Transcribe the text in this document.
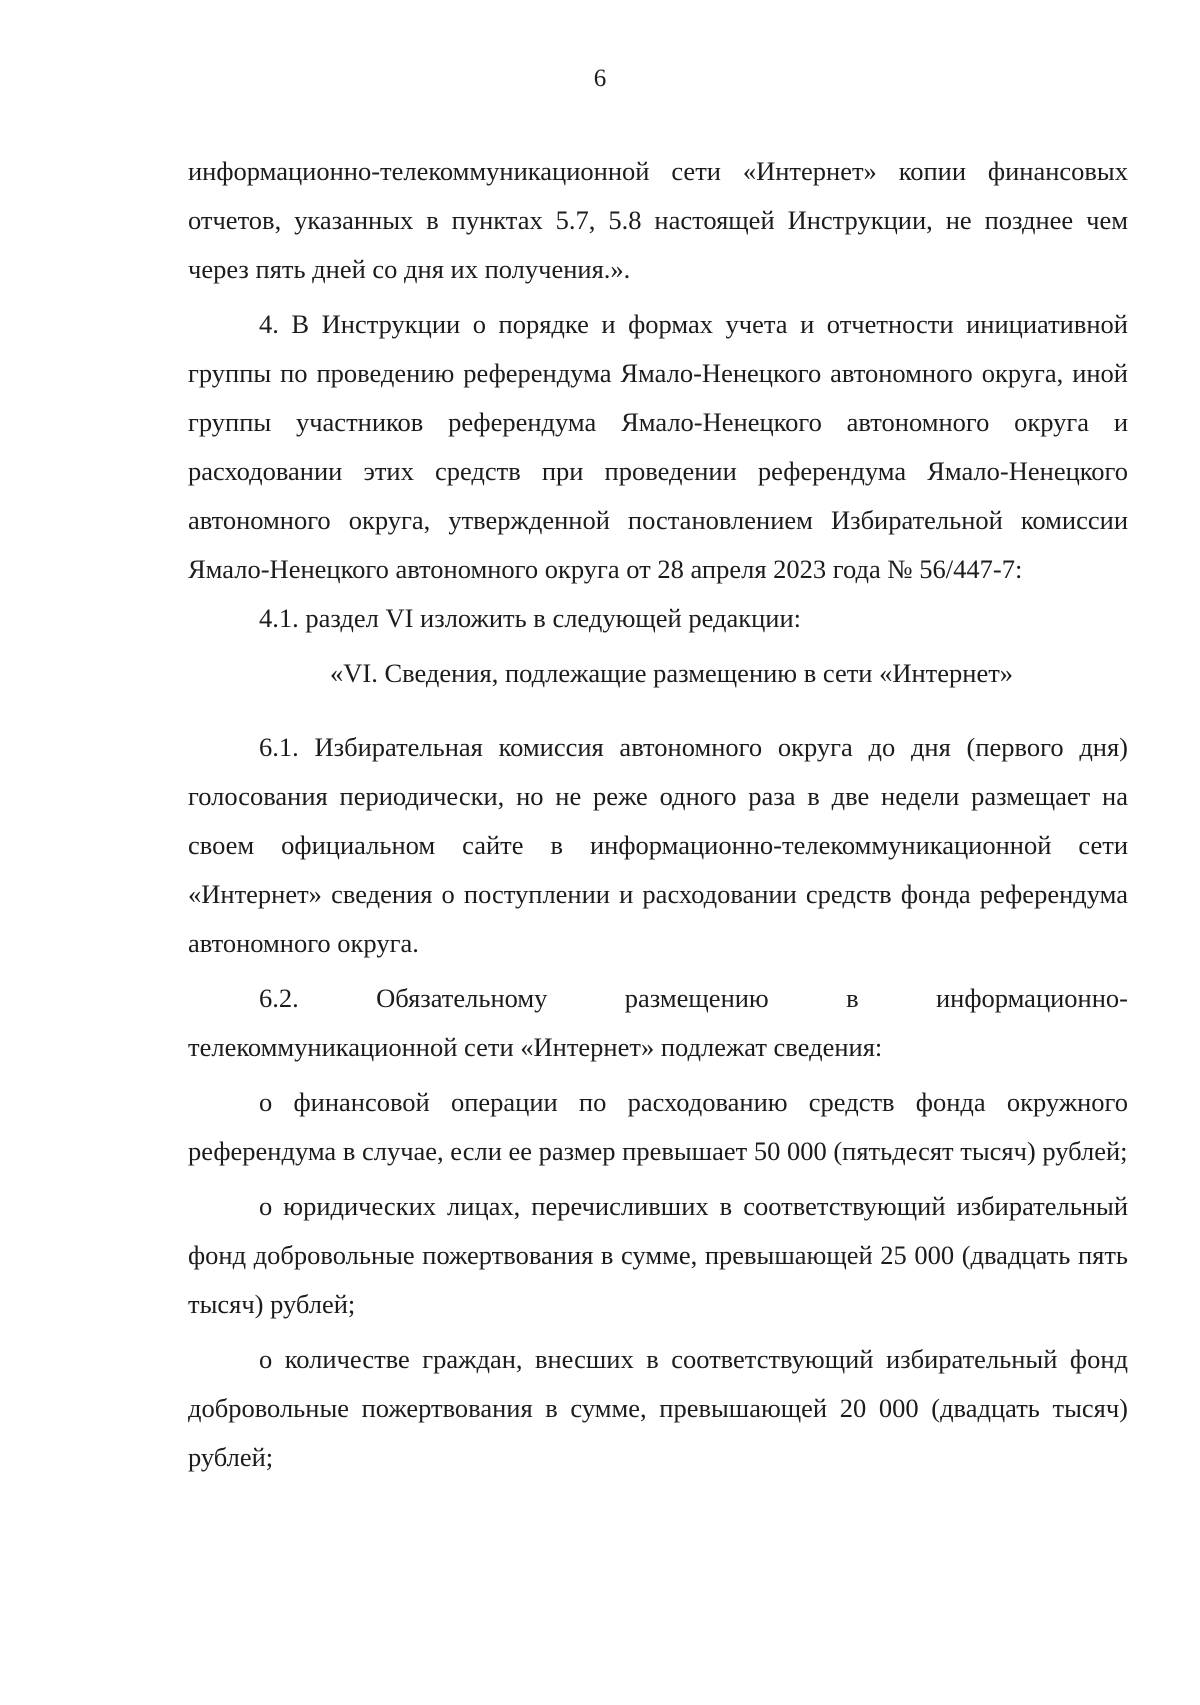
6

информационно-телекоммуникационной сети «Интернет» копии финансовых отчетов, указанных в пунктах 5.7, 5.8 настоящей Инструкции, не позднее чем через пять дней со дня их получения.».

4. В Инструкции о порядке и формах учета и отчетности инициативной группы по проведению референдума Ямало-Ненецкого автономного округа, иной группы участников референдума Ямало-Ненецкого автономного округа и расходовании этих средств при проведении референдума Ямало-Ненецкого автономного округа, утвержденной постановлением Избирательной комиссии Ямало-Ненецкого автономного округа от 28 апреля 2023 года № 56/447-7:

4.1. раздел VI изложить в следующей редакции:

«VI. Сведения, подлежащие размещению в сети «Интернет»

6.1. Избирательная комиссия автономного округа до дня (первого дня) голосования периодически, но не реже одного раза в две недели размещает на своем официальном сайте в информационно-телекоммуникационной сети «Интернет» сведения о поступлении и расходовании средств фонда референдума автономного округа.

6.2. Обязательному размещению в информационно-

телекоммуникационной сети «Интернет» подлежат сведения:

о финансовой операции по расходованию средств фонда окружного референдума в случае, если ее размер превышает 50 000 (пятьдесят тысяч) рублей;

о юридических лицах, перечисливших в соответствующий избирательный фонд добровольные пожертвования в сумме, превышающей 25 000 (двадцать пять тысяч) рублей;

о количестве граждан, внесших в соответствующий избирательный фонд добровольные пожертвования в сумме, превышающей 20 000 (двадцать тысяч) рублей;
